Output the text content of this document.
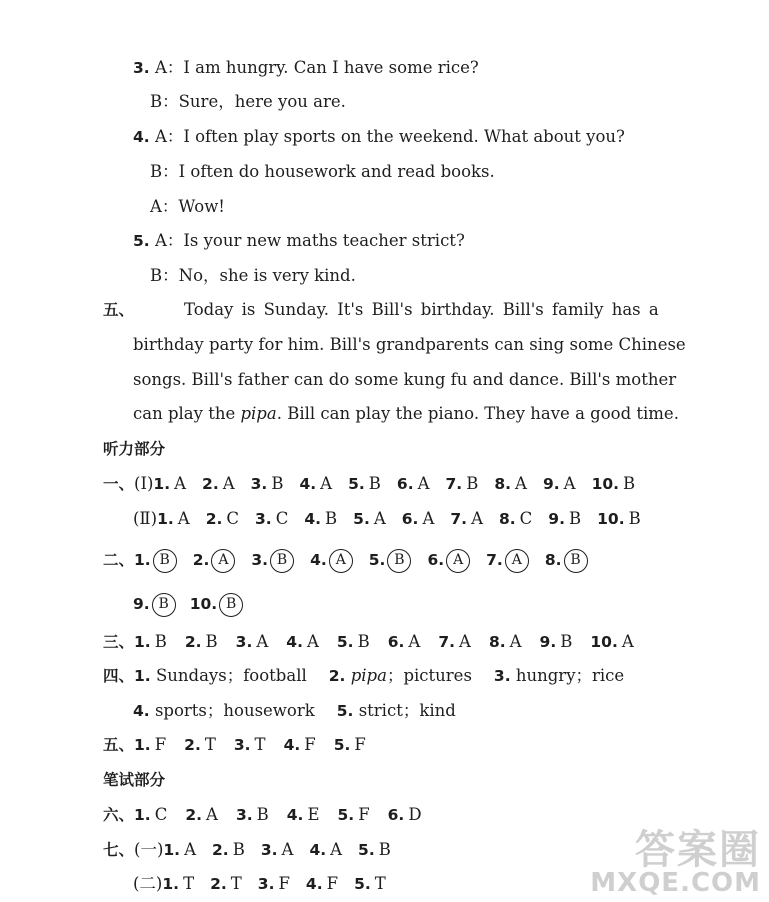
3. A：I am hungry. Can I have some rice?
B：Sure，here you are.
4. A：I often play sports on the weekend. What about you?
B：I often do housework and read books.
A：Wow!
5. A：Is your new maths teacher strict?
B：No，she is very kind.
五、	Today is Sunday. It's Bill's birthday. Bill's family has a
birthday party for him. Bill's grandparents can sing some Chinese
songs. Bill's father can do some kung fu and dance. Bill's mother
can play the pipa. Bill can play the piano. They have a good time.
听力部分
一、(Ⅰ)1. A 2. A 3. B 4. A 5. B 6. A 7. B 8. A 9. A 10. B
(Ⅱ)1. A 2. C 3. C 4. B 5. A 6. A 7. A 8. C 9. B 10. B
二、1. B 2. A 3. B 4. A 5. B 6. A 7. A 8. B
9. B 10. B
三、1. B 2. B 3. A 4. A 5. B 6. A 7. A 8. A 9. B 10. A
四、1. Sundays；football 2. pipa；pictures 3. hungry；rice
4. sports；housework 5. strict；kind
五、1. F 2. T 3. T 4. F 5. F
笔试部分
六、1. C 2. A 3. B 4. E 5. F 6. D
七、(一)1. A 2. B 3. A 4. A 5. B
(二)1. T 2. T 3. F 4. F 5. T
答案圈
MXQE.COM
